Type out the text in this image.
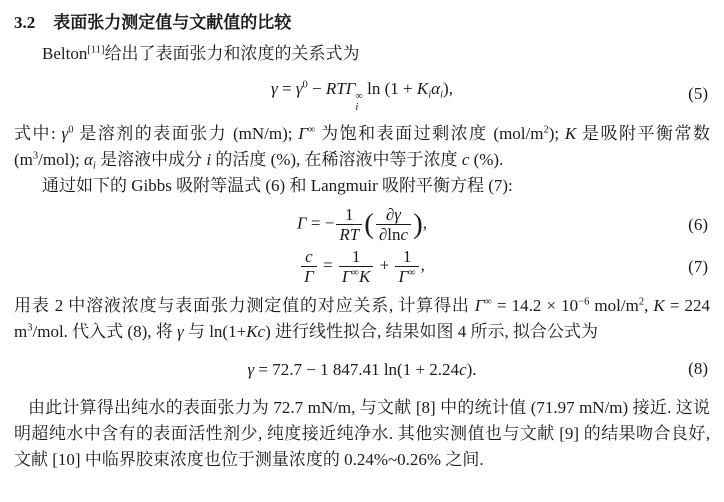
3.2 表面张力测定值与文献值的比较

Belton[11]给出了表面张力和浓度的关系式为

$\gamma = \gamma^0 - RT\Gamma$ ∞
i
$\ln (1 + K_i\alpha_i)$,	(5)

式中: $\gamma^0$ 是溶剂的表面张力 (mN/m); Γ∞ 为饱和表面过剩浓度 $(mol/m^2)$; K 是吸附平衡常数 $(m^3/mol)$; $\alpha_i$ 是溶液中成分 i 的活度 (%), 在稀溶液中等于浓度 c (%).

通过如下的 Gibbs 吸附等温式 (6) 和 Langmuir 吸附平衡方程 (7):

Γ = − $\frac{1}{RT}$ ( $\frac{\partial\gamma}{\partial\ln c}$ ),	(6)
$\frac{c}{\Gamma} = \frac{1}{\Gamma^\infty K} + \frac{1}{\Gamma^\infty}$ ,	(7)

用表 2 中溶液浓度与表面张力测定值的对应关系, 计算得出 $\Gamma^\infty = 14.2 \times 10^{-6}$ mol/$m^2$, K = 224 $m^3$/mol. 代入式 (8), 将 γ 与 ln(1+Kc) 进行线性拟合, 结果如图 4 所示, 拟合公式为

γ = 72.7 − 1 847.41 ln(1 + 2.24c).	(8)

由此计算得出纯水的表面张力为 72.7 mN/m, 与文献 [8] 中的统计值 (71.97 mN/m) 接近. 这说明超纯水中含有的表面活性剂少, 纯度接近纯净水. 其他实测值也与文献 [9] 的结果吻合良好, 文献 [10] 中临界胶束浓度也位于测量浓度的 0.24%~0.26% 之间.
